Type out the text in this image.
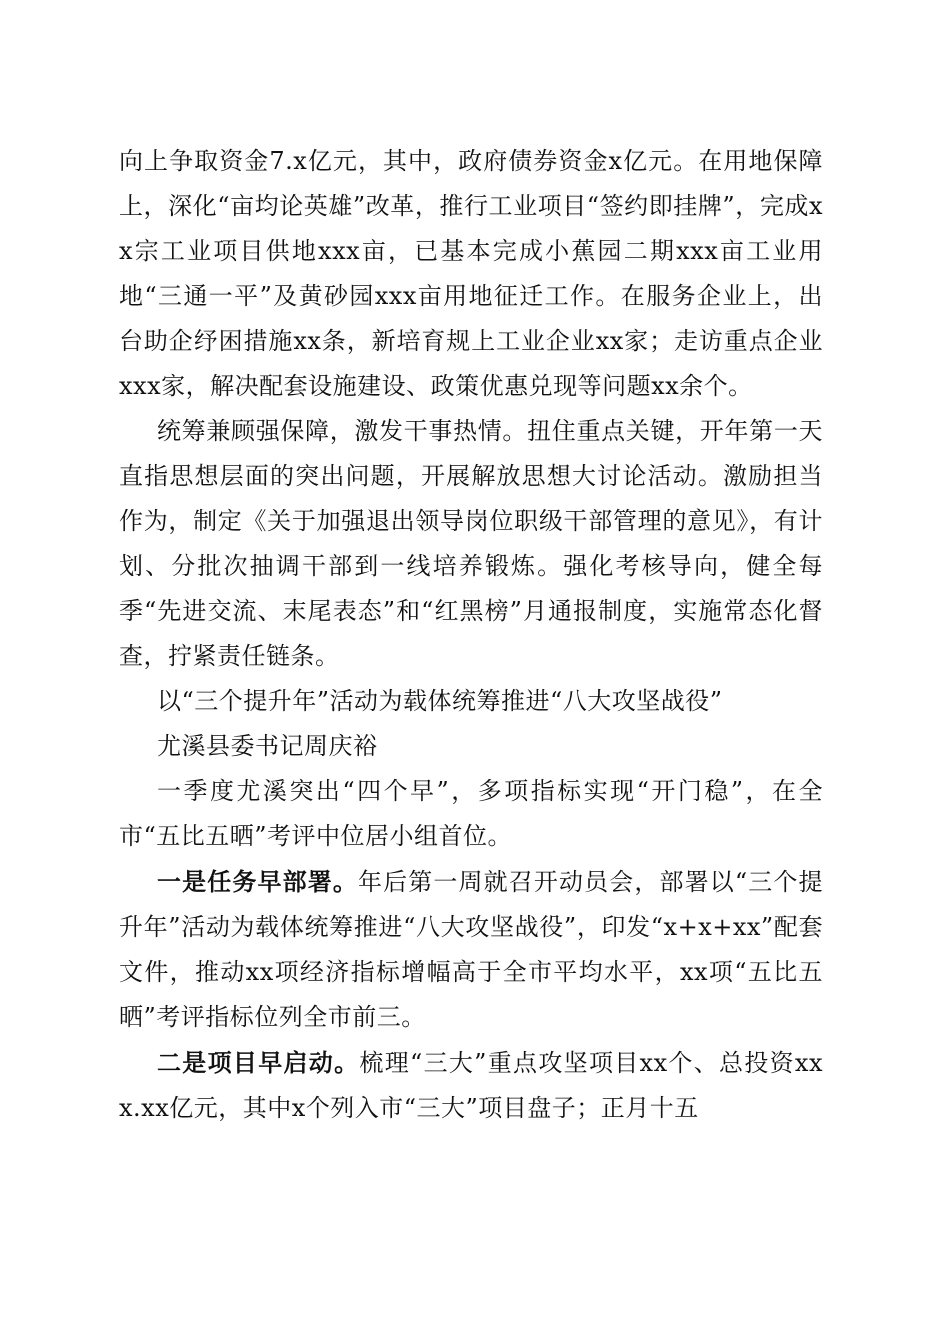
向上争取资金7.x亿元，其中，政府债券资金x亿元。在用地保障上，深化“亩均论英雄”改革，推行工业项目“签约即挂牌”，完成xx宗工业项目供地xxx亩，已基本完成小蕉园二期xxx亩工业用地“三通一平”及黄砂园xxx亩用地征迁工作。在服务企业上，出台助企纾困措施xx条，新培育规上工业企业xx家；走访重点企业xxx家，解决配套设施建设、政策优惠兑现等问题xx余个。

统筹兼顾强保障，激发干事热情。扭住重点关键，开年第一天直指思想层面的突出问题，开展解放思想大讨论活动。激励担当作为，制定《关于加强退出领导岗位职级干部管理的意见》，有计划、分批次抽调干部到一线培养锻炼。强化考核导向，健全每季“先进交流、末尾表态”和“红黑榜”月通报制度，实施常态化督查，拧紧责任链条。

以“三个提升年”活动为载体统筹推进“八大攻坚战役”

尤溪县委书记周庆裕

一季度尤溪突出“四个早”，多项指标实现“开门稳”，在全市“五比五晒”考评中位居小组首位。

一是任务早部署。年后第一周就召开动员会，部署以“三个提升年”活动为载体统筹推进“八大攻坚战役”，印发“x+x+xx”配套文件，推动xx项经济指标增幅高于全市平均水平，xx项“五比五晒”考评指标位列全市前三。

二是项目早启动。梳理“三大”重点攻坚项目xx个、总投资xxx.xx亿元，其中x个列入市“三大”项目盘子；正月十五
